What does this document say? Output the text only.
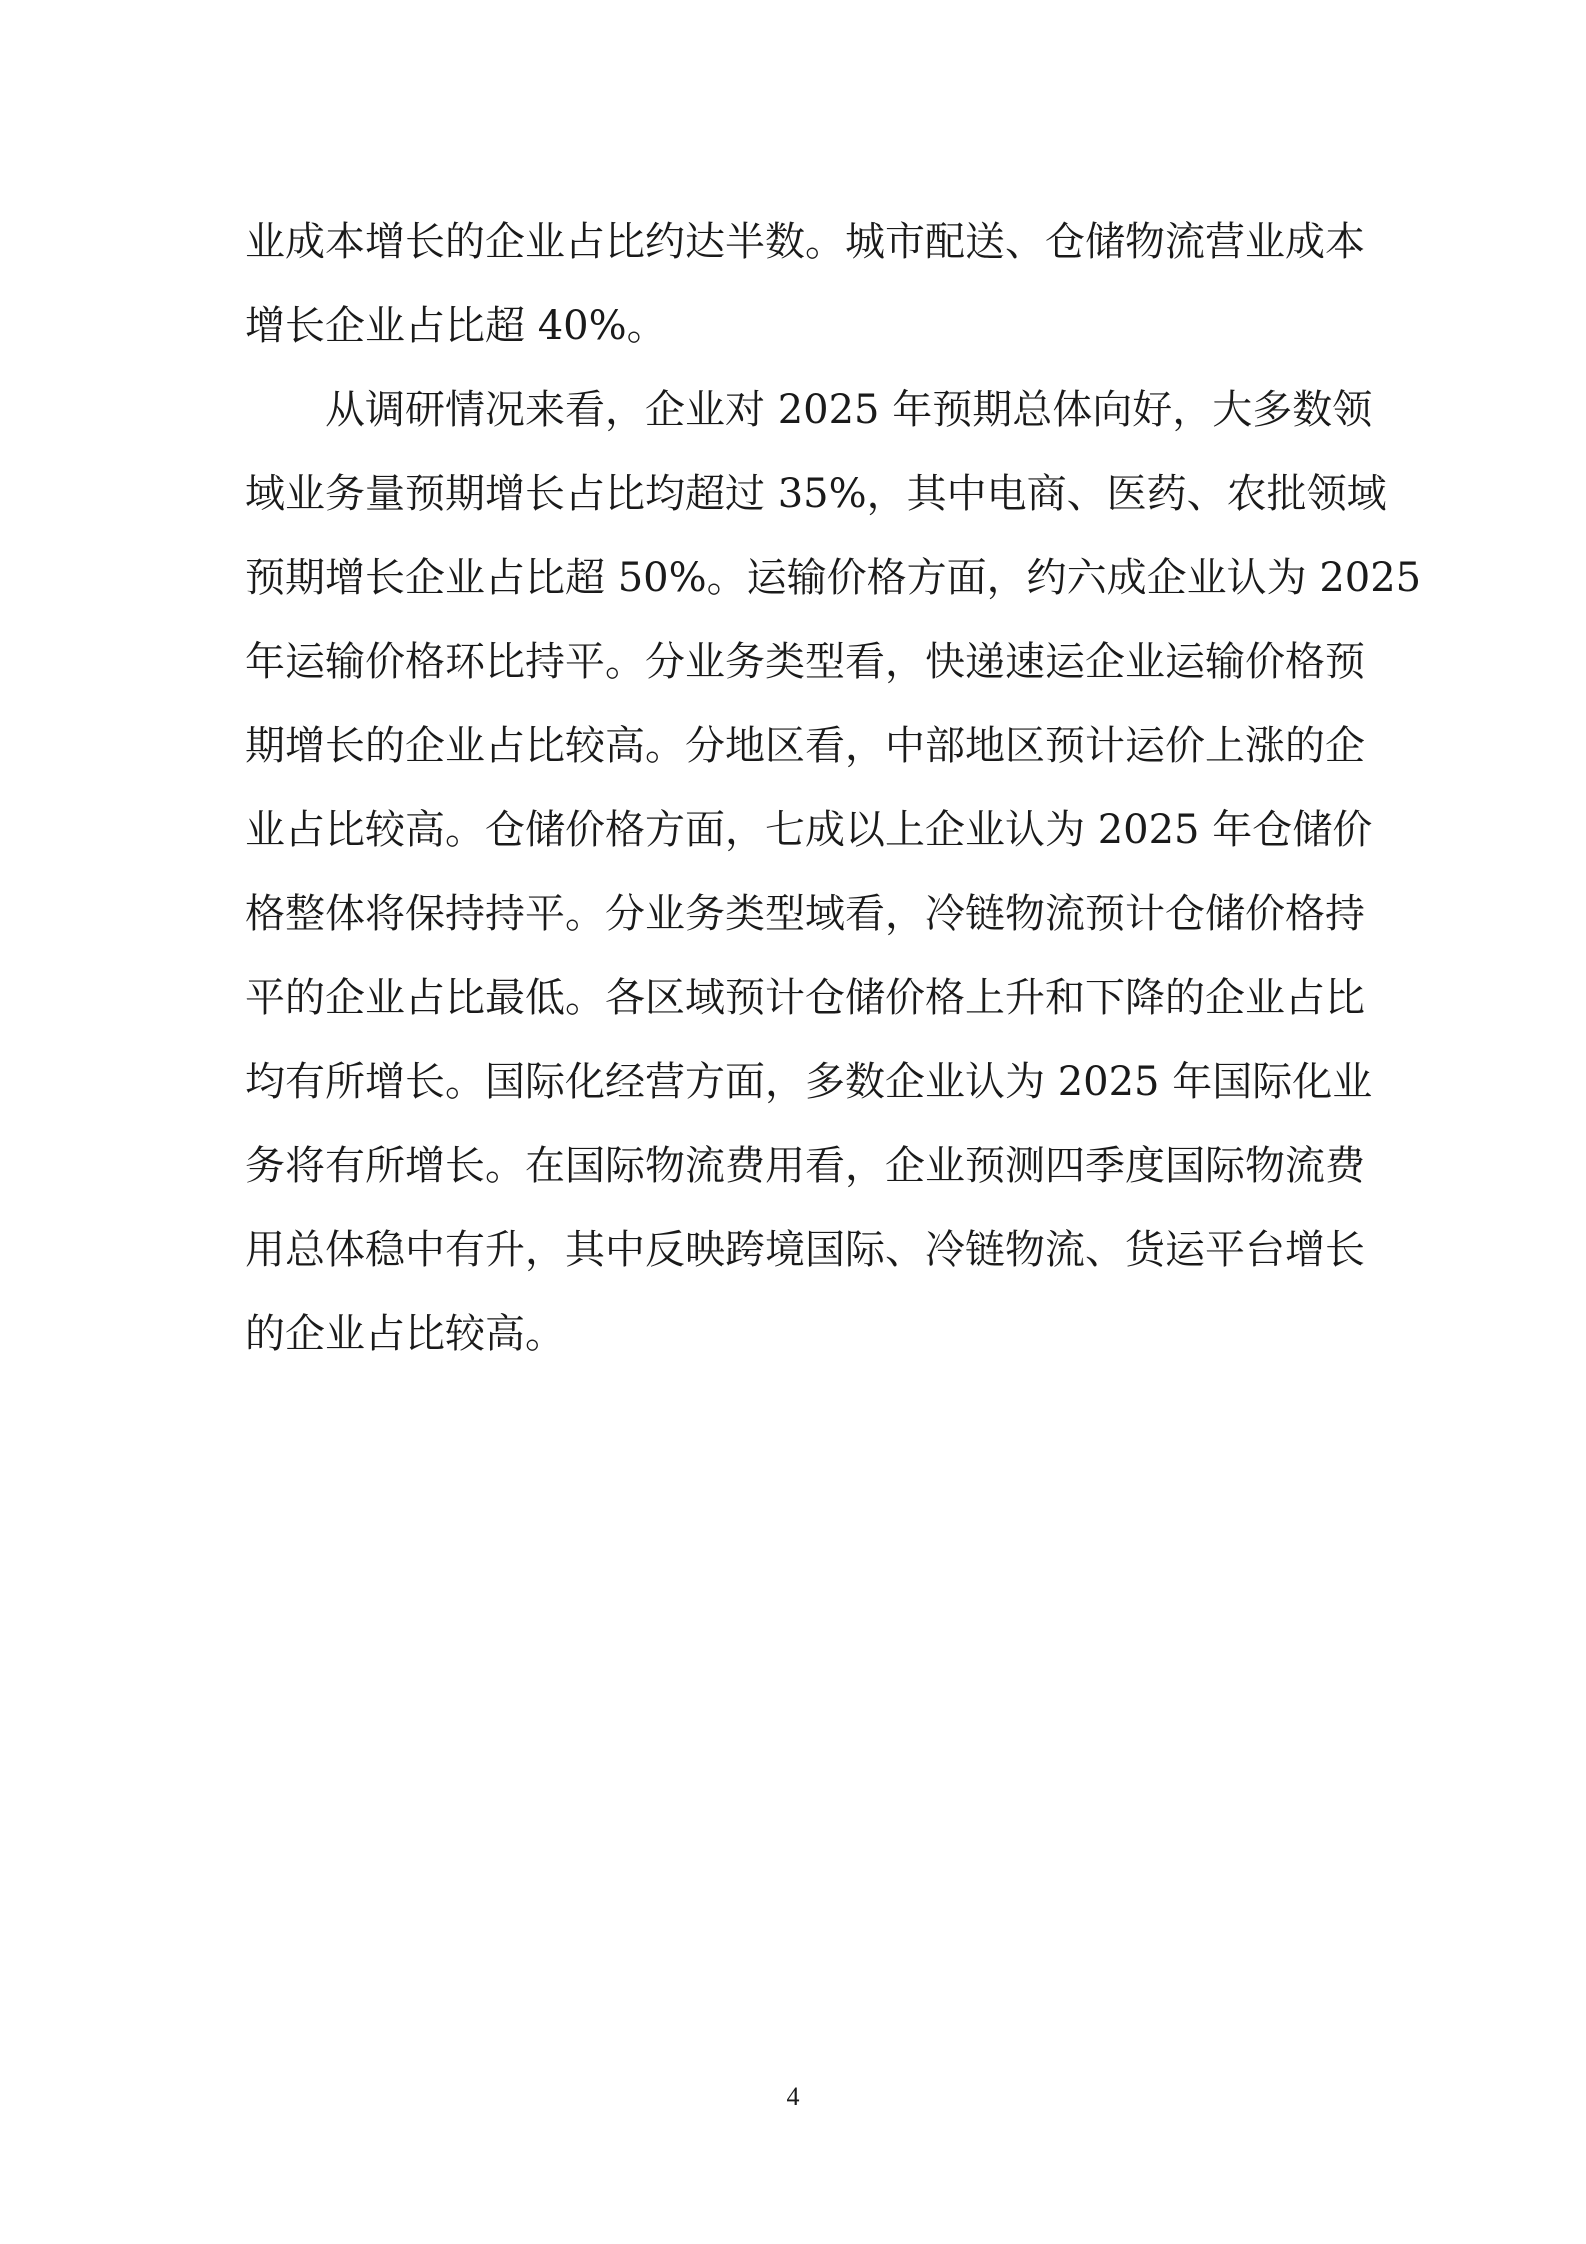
业成本增长的企业占比约达半数。城市配送、仓储物流营业成本
增长企业占比超 40%。
从调研情况来看，企业对 2025 年预期总体向好，大多数领
域业务量预期增长占比均超过 35%，其中电商、医药、农批领域
预期增长企业占比超 50%。运输价格方面，约六成企业认为 2025
年运输价格环比持平。分业务类型看，快递速运企业运输价格预
期增长的企业占比较高。分地区看，中部地区预计运价上涨的企
业占比较高。仓储价格方面，七成以上企业认为 2025 年仓储价
格整体将保持持平。分业务类型域看，冷链物流预计仓储价格持
平的企业占比最低。各区域预计仓储价格上升和下降的企业占比
均有所增长。国际化经营方面，多数企业认为 2025 年国际化业
务将有所增长。在国际物流费用看，企业预测四季度国际物流费
用总体稳中有升，其中反映跨境国际、冷链物流、货运平台增长
的企业占比较高。
4
